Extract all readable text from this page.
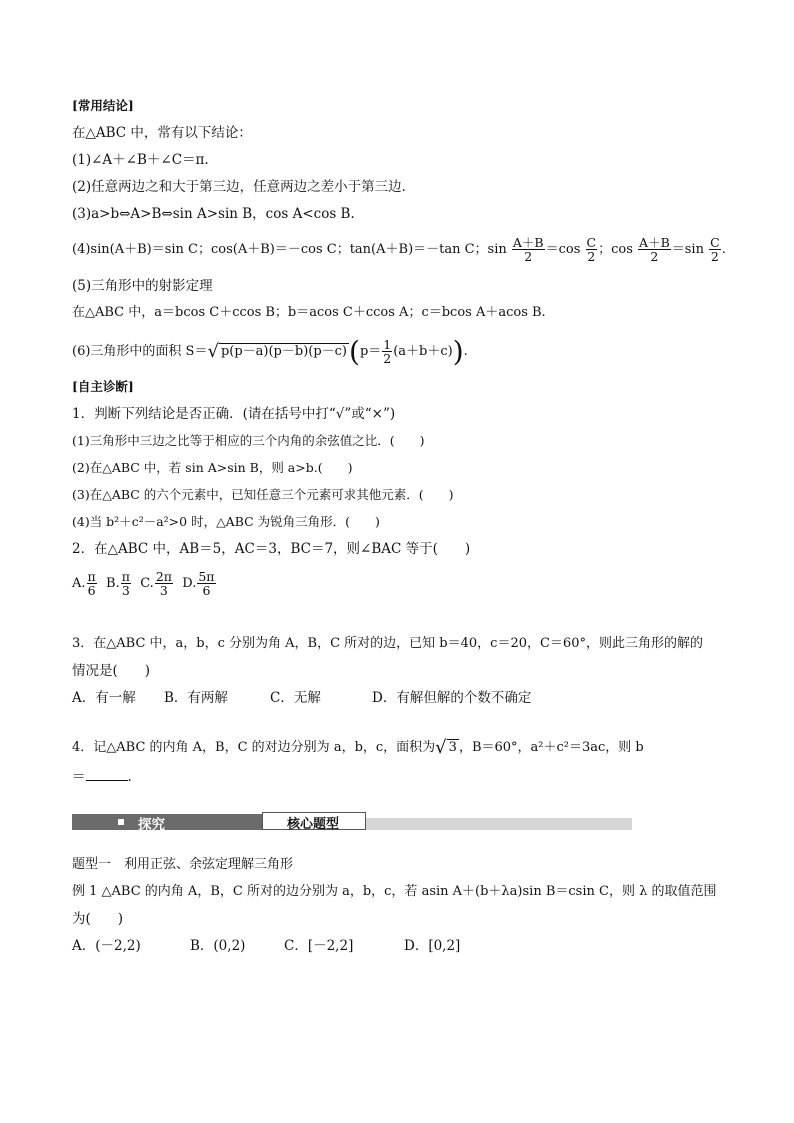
[常用结论]
在△ABC 中，常有以下结论：
(1)∠A＋∠B＋∠C＝π.
(2)任意两边之和大于第三边，任意两边之差小于第三边．
(3)a>b⇔A>B⇔sin A>sin B，cos A<cos B.
(4)sin(A＋B)＝sin C；cos(A＋B)＝－cos C；tan(A＋B)＝－tan C；$\sin \frac{A+B}{2} =\cos \frac{C}{2}$ ；$\cos \frac{A+B}{2} =\sin \frac{C}{2}$ .
(5)三角形中的射影定理
在△ABC 中，a＝bcos C＋ccos B；b＝acos C＋ccos A；c＝bcos A＋acos B.
(6)三角形中的面积 S＝√ $p(p-a)(p-b)(p-c)(p= \frac{1}{2} (a+b+c))$.
[自主诊断]
1．判断下列结论是否正确．(请在括号中打“√”或“×”)
(1)三角形中三边之比等于相应的三个内角的余弦值之比．(　　)
(2)在△ABC 中，若 sin A>sin B，则 a>b.(　　)
(3)在△ABC 的六个元素中，已知任意三个元素可求其他元素．(　　)
(4)当 b²＋c²－a²>0 时，△ABC 为锐角三角形．(　　)
2．在△ABC 中，AB＝5，AC＝3，BC＝7，则∠BAC 等于(　　)
A. $\frac{\pi}{6} B$. $\frac{\pi}{3} C$. $\frac{2\pi}{3} D$. $\frac{5\pi}{6}$
3．在△ABC 中，a，b，c 分别为角 A，B，C 所对的边，已知 b＝40，c＝20，C＝60°，则此三角形的解的
情况是(　　)
A．有一解 B．有两解	C．无解	D．有解但解的个数不确定
4．记△ABC 的内角 A，B，C 的对边分别为 a，b，c，面积为√ 3 ，B＝60°，a²＋c²＝3ac，则 b
＝	.
探究	核心题型
题型一　利用正弦、余弦定理解三角形
例 1 △ABC 的内角 A，B，C 所对的边分别为 a，b，c，若 asin A＋(b＋λa)sin B＝csin C，则 λ 的取值范围
为(　　)
A．(－2,2)	B．(0,2)	C．[－2,2]	D．[0,2]
